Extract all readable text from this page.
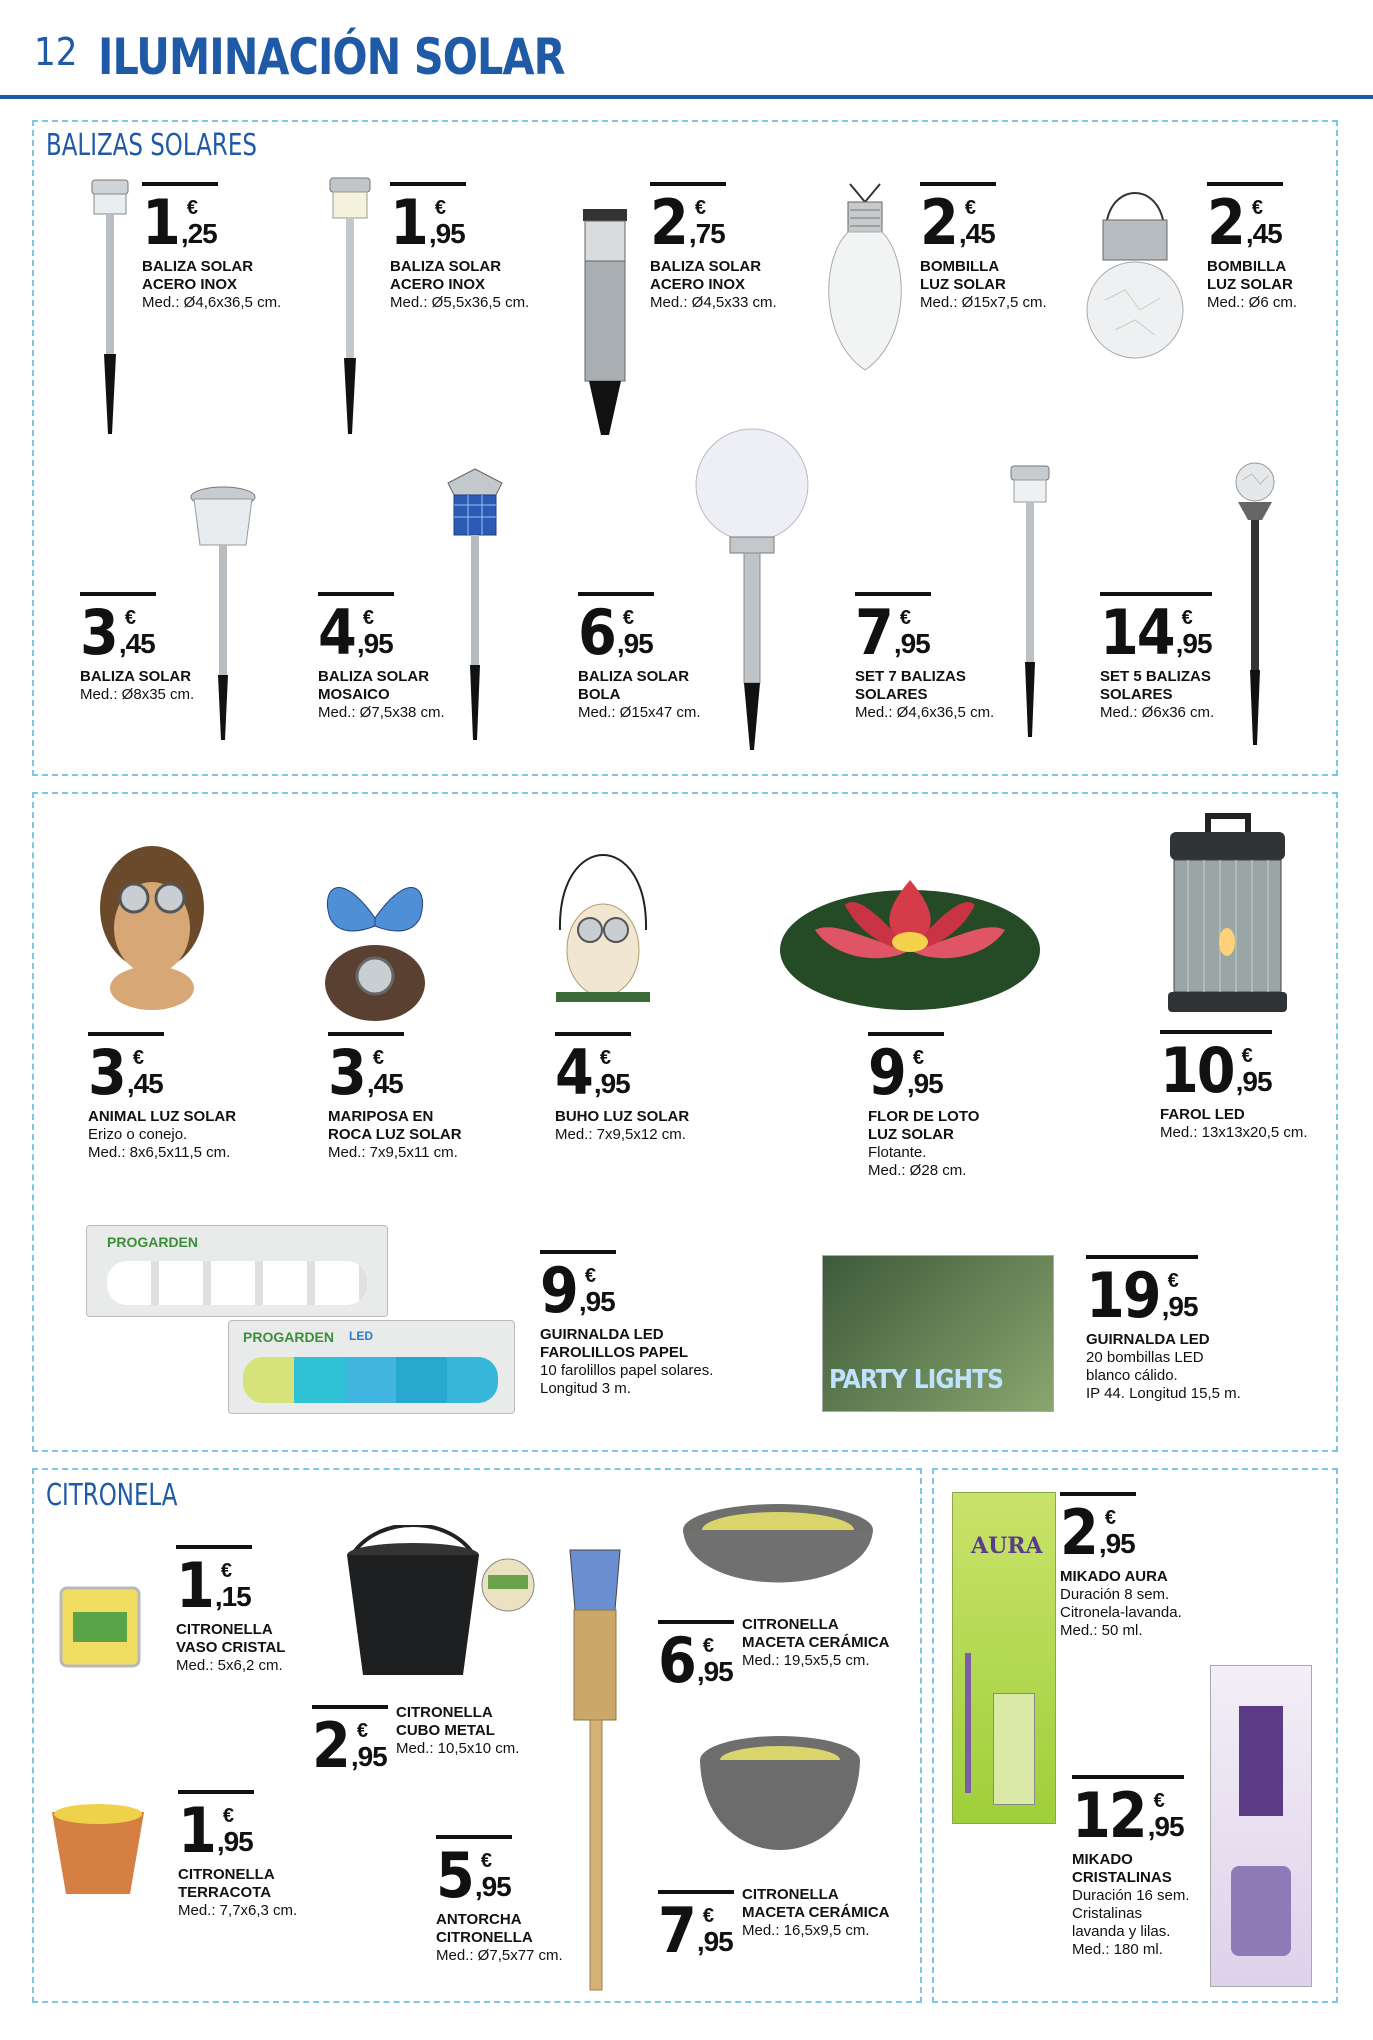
12 ILUMINACIÓN SOLAR
BALIZAS SOLARES
CITRONELA
1 €
,25
BALIZA SOLAR
ACERO INOX
Med.: Ø4,6x36,5 cm.
1 €
,95
BALIZA SOLAR
ACERO INOX
Med.: Ø5,5x36,5 cm.
2 €
,75
BALIZA SOLAR
ACERO INOX
Med.: Ø4,5x33 cm.
2 €
,45
BOMBILLA
LUZ SOLAR
Med.: Ø15x7,5 cm.
2 €
,45
BOMBILLA
LUZ SOLAR
Med.: Ø6 cm.
3 €
,45
BALIZA SOLAR
Med.: Ø8x35 cm.
4 €
,95
BALIZA SOLAR
MOSAICO
Med.: Ø7,5x38 cm.
6 €
,95
BALIZA SOLAR
BOLA
Med.: Ø15x47 cm.
7 €
,95
SET 7 BALIZAS
SOLARES
Med.: Ø4,6x36,5 cm.
14 €
,95
SET 5 BALIZAS
SOLARES
Med.: Ø6x36 cm.
3 €
,45
ANIMAL LUZ SOLAR
Erizo o conejo.
Med.: 8x6,5x11,5 cm.
3 €
,45
MARIPOSA EN
ROCA LUZ SOLAR
Med.: 7x9,5x11 cm.
4 €
,95
BUHO LUZ SOLAR
Med.: 7x9,5x12 cm.
9 €
,95
FLOR DE LOTO
LUZ SOLAR
Flotante.
Med.: Ø28 cm.
10 €
,95
FAROL LED
Med.: 13x13x20,5 cm.
PROGARDEN
PROGARDEN LED
9 €
,95
GUIRNALDA LED
FAROLILLOS PAPEL
10 farolillos papel solares.
Longitud 3 m.	PARTY LIGHTS
19 €
,95
GUIRNALDA LED
20 bombillas LED
blanco cálido.
IP 44. Longitud 15,5 m.
1 €
,15
CITRONELLA
VASO CRISTAL
Med.: 5x6,2 cm.
2 €
,95
CITRONELLA
CUBO METAL
Med.: 10,5x10 cm.
5 €
,95
ANTORCHA
CITRONELLA
Med.: Ø7,5x77 cm.
6 €
,95
CITRONELLA
MACETA CERÁMICA
Med.: 19,5x5,5 cm.
1 €
,95
CITRONELLA
TERRACOTA
Med.: 7,7x6,3 cm.	7 €
,95
CITRONELLA
MACETA CERÁMICA
Med.: 16,5x9,5 cm.
AURA 2 €
,95
MIKADO AURA
Duración 8 sem.
Citronela-lavanda.
Med.: 50 ml.
12 €
,95
MIKADO
CRISTALINAS
Duración 16 sem.
Cristalinas
lavanda y lilas.
Med.: 180 ml.
